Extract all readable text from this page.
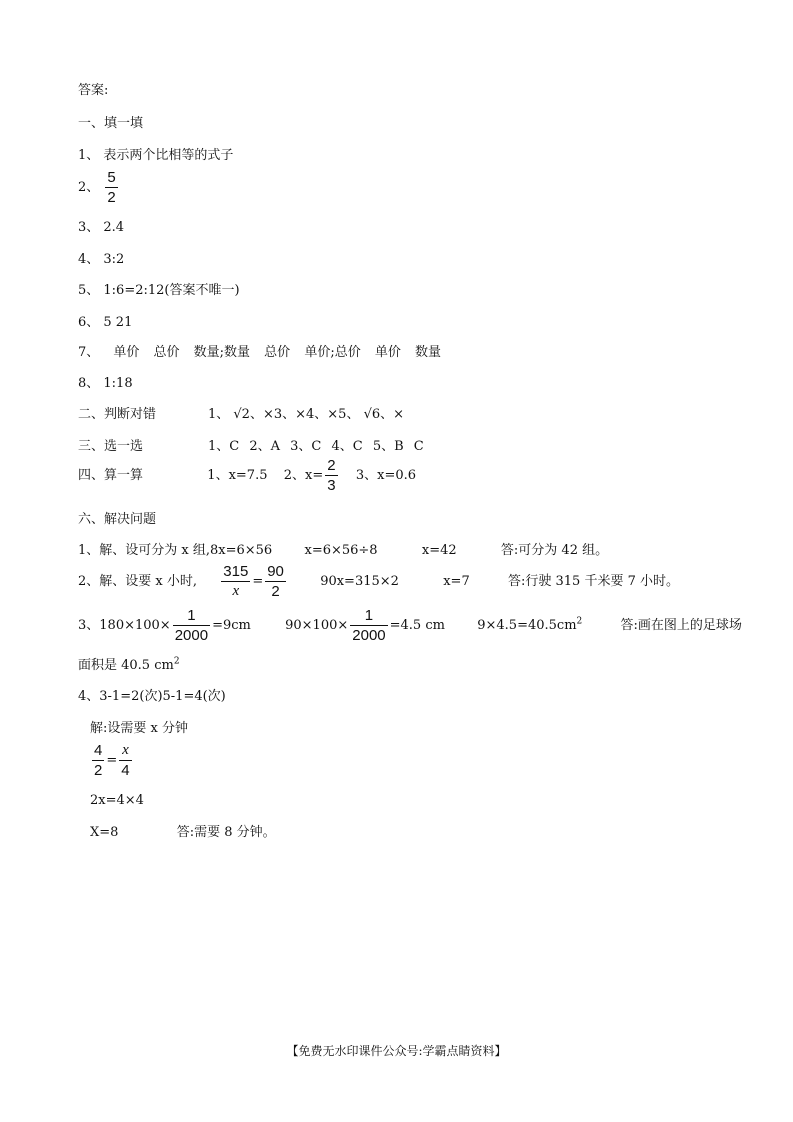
答案:
一、填一填
1、 表示两个比相等的式子
2、 $\frac{5}{2}$
3、 2.4
4、 3:2
5、 1:6=2:12(答案不唯一)
6、 5 21
7、 单价 总价 数量;数量 总价 单价;总价 单价 数量
8、 1:18
二、判断对错	1、 √2、×3、×4、×5、 √6、×
三、选一选	1、C 2、A 3、C 4、C 5、B C
四、算一算	1、x=7.5 2、$x= \frac{2}{3} 3$、x=0.6
六、解决问题
1、解、设可分为 x 组,8x=6×56 x=6×56÷8	x=42	答:可分为 42 组。
2、解、设要 x 小时, $\frac{315}{x} = \frac{90}{2}$	90x=315×2	x=7	答:行驶 315 千米要 7 小时。
3、$180\times 100\times \frac{1}{2000} =9cm$	$90\times 100\times \frac{1}{2000} =4.5$ cm $9\times 4.5=40.5cm^2$	答:画在图上的足球场
面积是 40.5 $cm^2$
4、3-1=2(次)5-1=4(次)
解:设需要 x 分钟
$\frac{4}{2} = \frac{x}{4}$
2x=4×4
X=8	答:需要 8 分钟。
【免费无水印课件公众号:学霸点睛资料】
